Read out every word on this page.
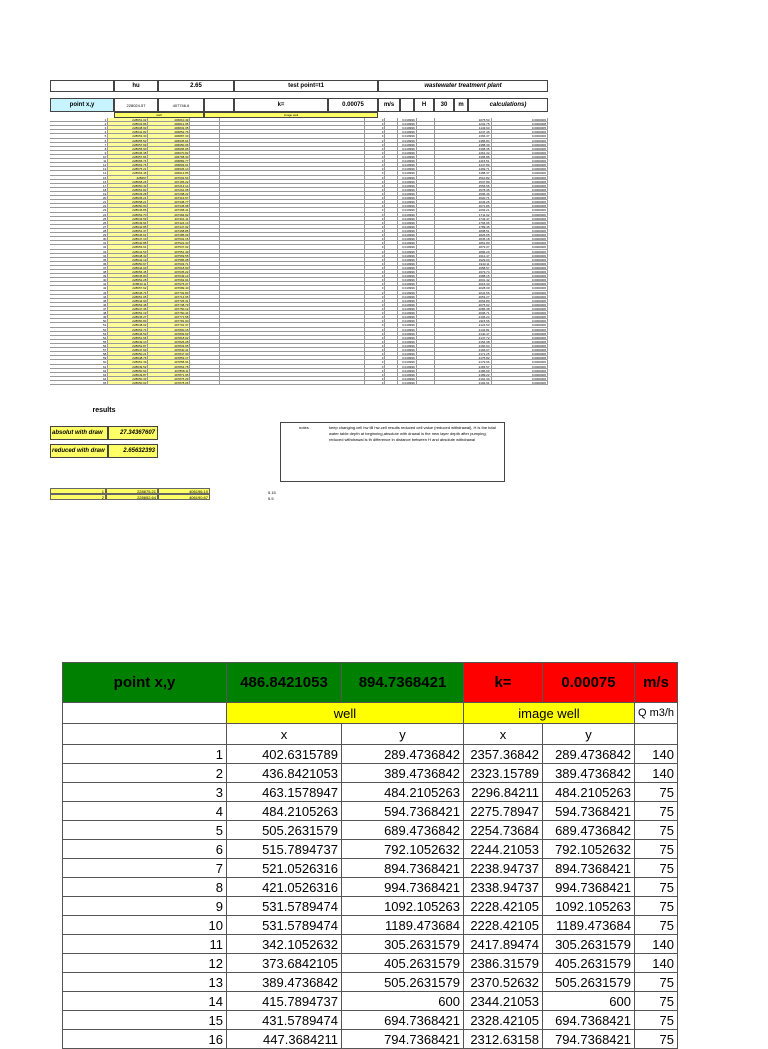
hu	2.65	test point=t1	wastewater treatment plant
point x,y	228024.57	407746.6	k=	0.00075	m/s	H	30	m	calculations)
well	image well
1	228651.02	406810.49	3	0.019999	1075.53	0.0000006
2	228632.86	406812.95	3	0.019999	1232.75	0.0000008
3	228638.99	406832.35	3	0.019999	1143.63	0.0000005
4	228641.82	406852.76	3	0.019999	1247.46	0.0000006
5	228653.30	406887.33	3	0.019999	1366.37	0.0000006
6	228655.52	406935.64	3	0.019999	1386.84	0.0000006
7	228657.69	406950.06	3	0.019999	1388.30	0.0000006
8	228655.90	406995.95	3	0.019999	1398.35	0.0000006
9	228636.38	406670.82	3	0.019999	1361.32	0.0000006
10	228657.84	406798.30	3	0.019999	1395.86	0.0000006
11	228665.74	406882.77	3	0.019999	1415.51	0.0000006
12	228663.76	406893.01	3	0.019999	1447.89	0.0000006
13	228675.21	406906.10	3	0.019999	1469.71	0.0000006
14	228664.46	406913.86	3	0.019999	1488.37	0.0000006
15	228667	407093.53	3	0.019999	1510.82	0.0000006
16	228668.26	407165.22	3	0.019999	1537.89	0.0000006
17	228650.43	407213.14	3	0.019999	1556.56	0.0000006
18	228651.82	407261.05	3	0.019999	1578.35	0.0000006
19	228639.28	407298.22	3	0.019999	1596.46	0.0000006
20	228635.21	407319.97	3	0.019999	1620.71	0.0000006
21	228658.21	407338.77	3	0.019999	1643.25	0.0000006
22	228650.00	407345.08	3	0.019999	1671.86	0.0000006
23	228646.85	407368.41	3	0.019999	1693.21	0.0000006
24	228652.70	407384.92	3	0.019999	1711.02	0.0000006
25	228643.59	407401.11	3	0.019999	1743.47	0.0000006
26	228649.94	407424.13	3	0.019999	1766.96	0.0000006
27	228642.85	407447.92	3	0.019999	1789.45	0.0000006
28	228651.37	407468.85	3	0.019999	1808.51	0.0000006
29	228645.61	407485.09	3	0.019999	1826.65	0.0000006
30	228647.10	407502.15	3	0.019999	1845.18	0.0000006
31	228640.88	407522.30	3	0.019999	1861.80	0.0000006
32	228653.91	407537.02	3	0.019999	1879.37	0.0000006
33	228641.53	407551.49	3	0.019999	1896.20	0.0000006
34	228648.32	407569.55	3	0.019999	1912.47	0.0000006
35	228642.19	407586.08	3	0.019999	1929.03	0.0000006
36	228650.67	407603.71	3	0.019999	1943.11	0.0000006
37	228644.03	407618.90	3	0.019999	1958.57	0.0000006
38	228656.45	407635.22	3	0.019999	1973.74	0.0000006
39	228645.80	407649.13	3	0.019999	1988.15	0.0000006
40	228652.28	407662.94	3	0.019999	2001.42	0.0000006
41	228643.11	407676.07	3	0.019999	2015.33	0.0000006
42	228657.62	407689.40	3	0.019999	2028.09	0.0000006
43	228646.74	407702.83	3	0.019999	2041.56	0.0000006
44	228651.05	407714.65	3	0.019999	2053.27	0.0000006
45	228644.90	407726.31	3	0.019999	2064.80	0.0000006
46	228653.48	407738.79	3	0.019999	2075.92	0.0000006
47	228647.36	407750.12	3	0.019999	2086.38	0.0000006
48	228652.19	407760.44	3	0.019999	2096.71	0.0000006
49	228645.27	407771.58	3	0.019999	2106.24	0.0000006
50	228650.83	407781.90	3	0.019999	2115.66	0.0000006
51	228648.02	407791.37	3	0.019999	2124.53	0.0000006
52	228653.74	407800.15	3	0.019999	2132.81	0.0000006
53	228646.59	407809.63	3	0.019999	2140.47	0.0000006
54	228651.66	407818.02	3	0.019999	2147.72	0.0000006
55	228649.10	407826.28	3	0.019999	2154.38	0.0000006
56	228652.87	407833.65	3	0.019999	2160.64	0.0000006
57	228647.93	407840.41	3	0.019999	2166.07	0.0000006
58	228650.21	407847.30	3	0.019999	2171.25	0.0000006
59	228648.76	407853.17	3	0.019999	2175.82	0.0000006
60	228651.39	407858.94	3	0.019999	2179.96	0.0000006
61	228649.52	407863.78	3	0.019999	2183.57	0.0000006
62	228650.64	407868.11	3	0.019999	2186.69	0.0000006
63	228649.87	407871.95	3	0.019999	2189.22	0.0000006
64	228650.33	407875.29	3	0.019999	2191.30	0.0000006
65	228650.02	407878.06	3	0.019999	2192.91	0.0000006
results
absolut with draw	27.34367607
reduced with draw	2.65632393
notes	keep changing cell hw till hw-cell results reduced cell value (reduced withdrawal), H is the total water table depth at beginning,absolute with drawal is the new layer depth after pumping, reduced withdrawal is th difference in distance between H and absolute withdrawal
1	228675.21	406196.10
2	228652.64	406190.67
5.15
5.5
point x,y	486.8421053	894.7368421	k=	0.00075	m/s
	well		image well		Q m3/h
	x	y	x	y	
1	402.6315789	289.4736842	2357.36842	289.4736842	140
2	436.8421053	389.4736842	2323.15789	389.4736842	140
3	463.1578947	484.2105263	2296.84211	484.2105263	75
4	484.2105263	594.7368421	2275.78947	594.7368421	75
5	505.2631579	689.4736842	2254.73684	689.4736842	75
6	515.7894737	792.1052632	2244.21053	792.1052632	75
7	521.0526316	894.7368421	2238.94737	894.7368421	75
8	421.0526316	994.7368421	2338.94737	994.7368421	75
9	531.5789474	1092.105263	2228.42105	1092.105263	75
10	531.5789474	1189.473684	2228.42105	1189.473684	75
11	342.1052632	305.2631579	2417.89474	305.2631579	140
12	373.6842105	405.2631579	2386.31579	405.2631579	140
13	389.4736842	505.2631579	2370.52632	505.2631579	75
14	415.7894737	600	2344.21053	600	75
15	431.5789474	694.7368421	2328.42105	694.7368421	75
16	447.3684211	794.7368421	2312.63158	794.7368421	75
